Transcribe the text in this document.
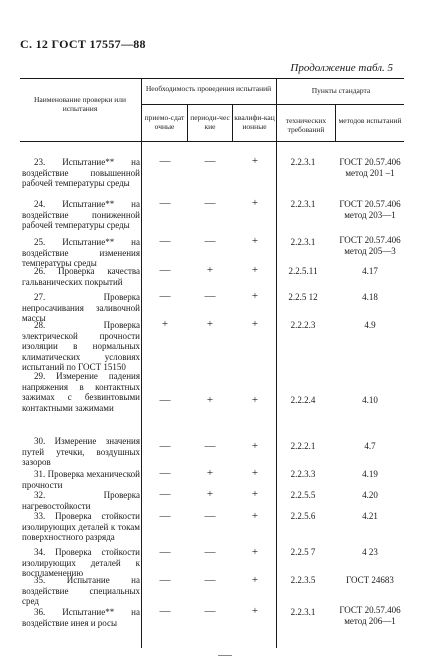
С. 12 ГОСТ 17557—88
Продолжение табл. 5
Наименование проверки или испытания
Необходимость проведения испытаний
приемо-сдаточные
периоди-ческие
квалифи-кационные
Пункты стандарта
технических требований
методов испытаний
23. Испытание** на воздействие повышенной рабочей температуры среды
—	—	+	2.2.3.1	ГОСТ 20.57.406 метод 201 –1
24. Испытание** на воздействие пониженной рабочей температуры среды
—	—	+	2.2.3.1	ГОСТ 20.57.406 метод 203—1
25. Испытание** на воздействие изменения температуры среды
—	—	+	2.2.3.1	ГОСТ 20.57.406 метод 205—3
26. Проверка качества гальванических покрытий
—	+	+	2.2.5.11	4.17
27. Проверка непросачивания заливочной массы
—	—	+	2.2.5 12	4.18
28. Проверка электрической прочности изоляции в нормальных климатических условиях испытаний по ГОСТ 15150
+	+	+	2.2.2.3	4.9
29. Измерение падения напряжения в контактных зажимах с безвинтовыми контактными зажимами
—	+	+	2.2.2.4	4.10
30. Измерение значения путей утечки, воздушных зазоров
—	—	+	2.2.2.1	4.7
31. Проверка механической прочности
—	+	+	2.2.3.3	4.19
32. Проверка нагревостойкости
—	+	+	2.2.5.5	4.20
33. Проверка стойкости изолирующих деталей к токам поверхностного разряда
—	—	+	2.2.5.6	4.21
34. Проверка стойкости изолирующих деталей к воспламенению
—	—	+	2.2.5 7	4 23
35. Испытание на воздействие специальных сред
—	—	+	2.2.3.5	ГОСТ 24683
36. Испытание** на воздействие инея и росы
—	—	+	2.2.3.1	ГОСТ 20.57.406 метод 206—1
